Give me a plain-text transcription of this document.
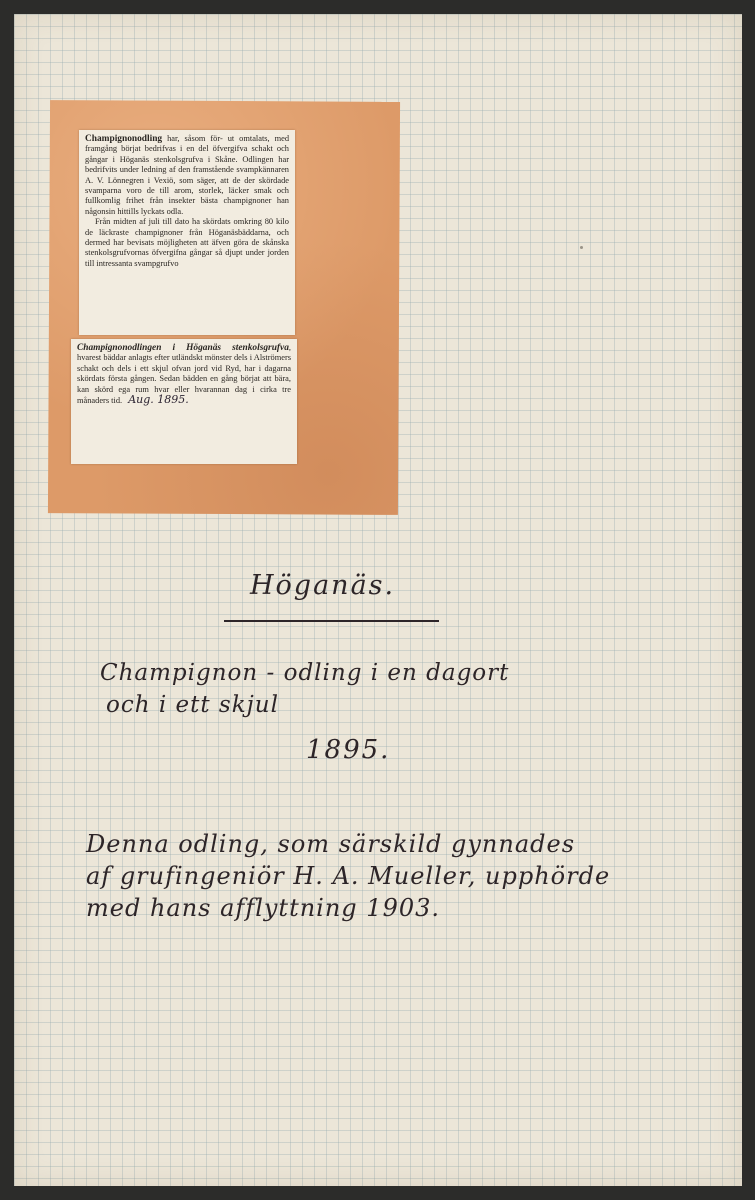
Champignonodling har, såsom för- ut omtalats, med framgång börjat bedrifvas i en del öfvergifva schakt och gångar i Höganäs stenkolsgrufva i Skåne. Odlingen har bedrifvits under ledning af den framstående svampkännaren A. V. Lönnegren i Vexiö, som säger, att de der skördade svamparna voro de till arom, storlek, läcker smak och fullkomlig frihet från insekter bästa champignoner han någonsin hittills lyckats odla.

Från midten af juli till dato ha skördats omkring 80 kilo de läckraste champignoner från Höganäsbäddarna, och dermed har bevisats möjligheten att äfven göra de skånska stenkolsgrufvornas öfvergifna gångar så djupt under jorden till intressanta svampgrufvo

Champignonodlingen i Höganäs stenkolsgrufva, hvarest bäddar anlagts efter utländskt mönster dels i Alströmers schakt och dels i ett skjul ofvan jord vid Ryd, har i dagarna skördats första gången. Sedan bädden en gång börjat att bära, kan skörd ega rum hvar eller hvarannan dag i cirka tre månaders tid. Aug. 1895.

Höganäs.
Champignon - odling i en dagort
och i ett skjul
1895.
Denna odling, som särskild gynnades
af grufingeniör H. A. Mueller, upphörde
med hans afflyttning 1903.
